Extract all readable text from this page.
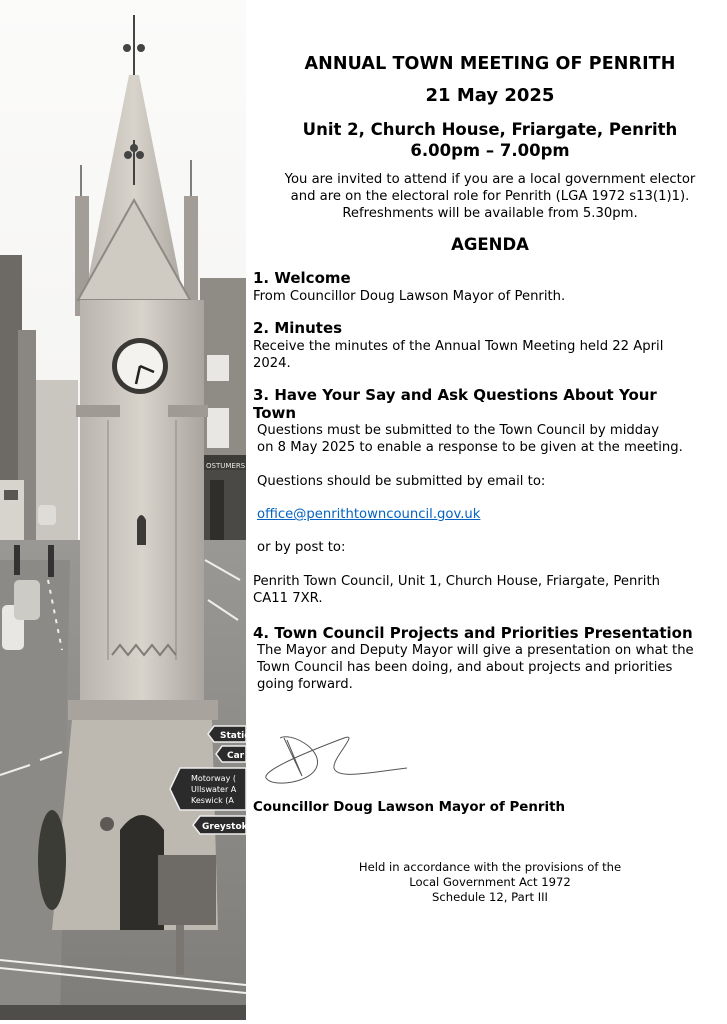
OSTUMERS
Statio
Car
Motorway (
Ullswater A
Keswick (A
Greystoke
ANNUAL TOWN MEETING OF PENRITH
21 May 2025
Unit 2, Church House, Friargate, Penrith
6.00pm – 7.00pm
You are invited to attend if you are a local government elector
and are on the electoral role for Penrith (LGA 1972 s13(1)1).
Refreshments will be available from 5.30pm.
AGENDA
1. Welcome
From Councillor Doug Lawson Mayor of Penrith.
2. Minutes
Receive the minutes of the Annual Town Meeting held 22 April
2024.
3. Have Your Say and Ask Questions About Your
Town
Questions must be submitted to the Town Council by midday
on 8 May 2025 to enable a response to be given at the meeting.
Questions should be submitted by email to:
office@penrithtowncouncil.gov.uk
or by post to:
Penrith Town Council, Unit 1, Church House, Friargate, Penrith
CA11 7XR.
4. Town Council Projects and Priorities Presentation
The Mayor and Deputy Mayor will give a presentation on what the
Town Council has been doing, and about projects and priorities
going forward.
Councillor Doug Lawson Mayor of Penrith
Held in accordance with the provisions of the
Local Government Act 1972
Schedule 12, Part III
